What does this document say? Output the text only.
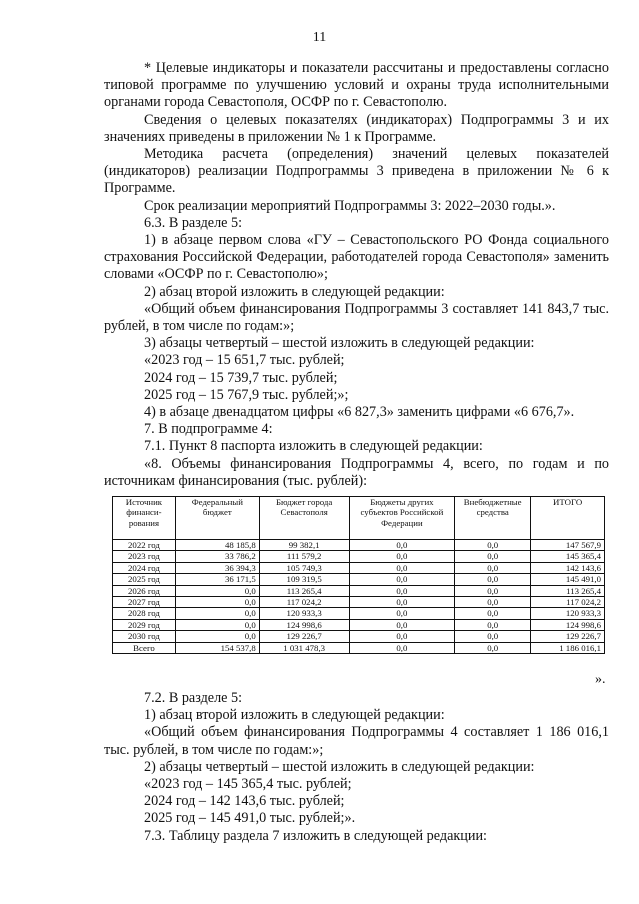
11

* Целевые индикаторы и показатели рассчитаны и предоставлены согласно типовой программе по улучшению условий и охраны труда исполнительными органами города Севастополя, ОСФР по г. Севастополю.

Сведения о целевых показателях (индикаторах) Подпрограммы 3 и их значениях приведены в приложении № 1 к Программе.

Методика расчета (определения) значений целевых показателей (индикаторов) реализации Подпрограммы 3 приведена в приложении № 6 к Программе.

Срок реализации мероприятий Подпрограммы 3: 2022–2030 годы.».

6.3. В разделе 5:

1) в абзаце первом слова «ГУ – Севастопольского РО Фонда социального страхования Российской Федерации, работодателей города Севастополя» заменить словами «ОСФР по г. Севастополю»;

2) абзац второй изложить в следующей редакции:

«Общий объем финансирования Подпрограммы 3 составляет 141 843,7 тыс. рублей, в том числе по годам:»;

3) абзацы четвертый – шестой изложить в следующей редакции:

«2023 год – 15 651,7 тыс. рублей;

2024 год – 15 739,7 тыс. рублей;

2025 год – 15 767,9 тыс. рублей;»;

4) в абзаце двенадцатом цифры «6 827,3» заменить цифрами «6 676,7».

7. В подпрограмме 4:

7.1. Пункт 8 паспорта изложить в следующей редакции:

«8. Объемы финансирования Подпрограммы 4, всего, по годам и по источникам финансирования (тыс. рублей):

Источник финанси-рования	Федеральный бюджет	Бюджет города Севастополя	Бюджеты других субъектов Российской Федерации	Внебюджетные средства	ИТОГО
2022 год	48 185,8	99 382,1	0,0	0,0	147 567,9
2023 год	33 786,2	111 579,2	0,0	0,0	145 365,4
2024 год	36 394,3	105 749,3	0,0	0,0	142 143,6
2025 год	36 171,5	109 319,5	0,0	0,0	145 491,0
2026 год	0,0	113 265,4	0,0	0,0	113 265,4
2027 год	0,0	117 024,2	0,0	0,0	117 024,2
2028 год	0,0	120 933,3	0,0	0,0	120 933,3
2029 год	0,0	124 998,6	0,0	0,0	124 998,6
2030 год	0,0	129 226,7	0,0	0,0	129 226,7
Всего	154 537,8	1 031 478,3	0,0	0,0	1 186 016,1
».

7.2. В разделе 5:

1) абзац второй изложить в следующей редакции:

«Общий объем финансирования Подпрограммы 4 составляет 1 186 016,1 тыс. рублей, в том числе по годам:»;

2) абзацы четвертый – шестой изложить в следующей редакции:

«2023 год – 145 365,4 тыс. рублей;

2024 год – 142 143,6 тыс. рублей;

2025 год – 145 491,0 тыс. рублей;».

7.3. Таблицу раздела 7 изложить в следующей редакции:
